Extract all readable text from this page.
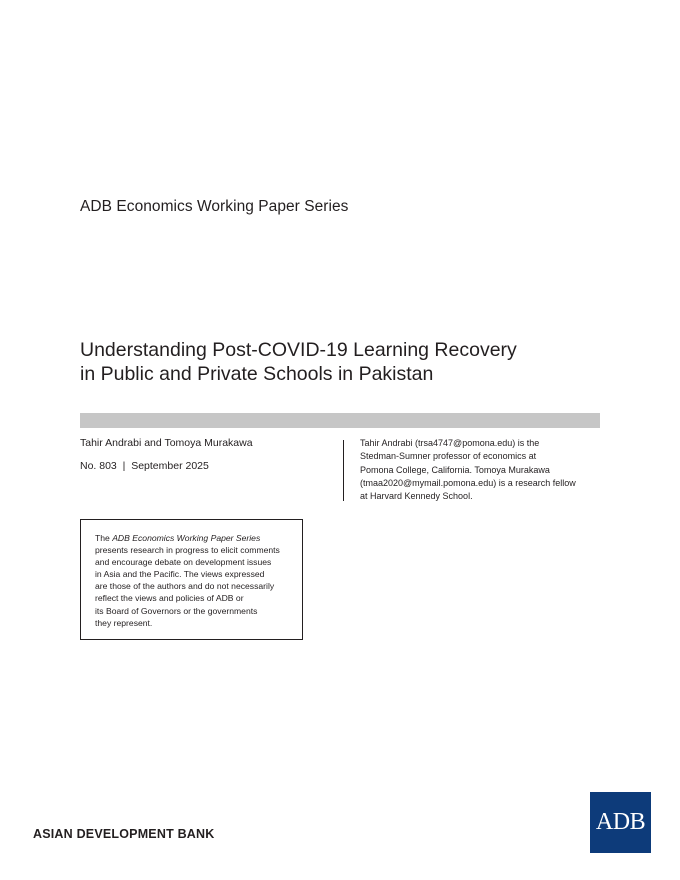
ADB Economics Working Paper Series
Understanding Post-COVID-19 Learning Recovery
in Public and Private Schools in Pakistan
Tahir Andrabi and Tomoya Murakawa
No. 803 | September 2025
Tahir Andrabi (trsa4747@pomona.edu) is the
Stedman-Sumner professor of economics at
Pomona College, California. Tomoya Murakawa
(tmaa2020@mymail.pomona.edu) is a research fellow
at Harvard Kennedy School.
The ADB Economics Working Paper Series
presents research in progress to elicit comments
and encourage debate on development issues
in Asia and the Pacific. The views expressed
are those of the authors and do not necessarily
reflect the views and policies of ADB or
its Board of Governors or the governments
they represent.
ASIAN DEVELOPMENT BANK	ADB
